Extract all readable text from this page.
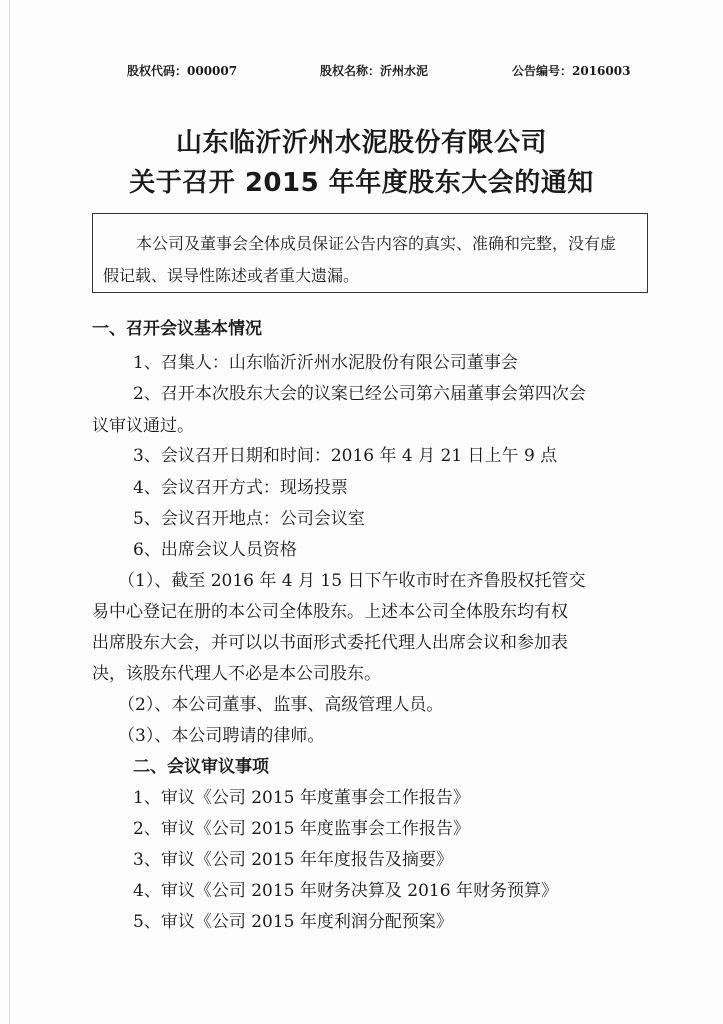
股权代码：000007	股权名称：沂州水泥	公告编号：2016003
山东临沂沂州水泥股份有限公司
关于召开 2015 年年度股东大会的通知
本公司及董事会全体成员保证公告内容的真实、准确和完整，没有虚
假记载、误导性陈述或者重大遗漏。
一、召开会议基本情况
1、召集人：山东临沂沂州水泥股份有限公司董事会
2、召开本次股东大会的议案已经公司第六届董事会第四次会
议审议通过。
3、会议召开日期和时间：2016 年 4 月 21 日上午 9 点
4、会议召开方式：现场投票
5、会议召开地点：公司会议室
6、出席会议人员资格
（1）、截至 2016 年 4 月 15 日下午收市时在齐鲁股权托管交
易中心登记在册的本公司全体股东。上述本公司全体股东均有权
出席股东大会，并可以以书面形式委托代理人出席会议和参加表
决，该股东代理人不必是本公司股东。
（2）、本公司董事、监事、高级管理人员。
（3）、本公司聘请的律师。
二、会议审议事项
1、审议《公司 2015 年度董事会工作报告》
2、审议《公司 2015 年度监事会工作报告》
3、审议《公司 2015 年年度报告及摘要》
4、审议《公司 2015 年财务决算及 2016 年财务预算》
5、审议《公司 2015 年度利润分配预案》
